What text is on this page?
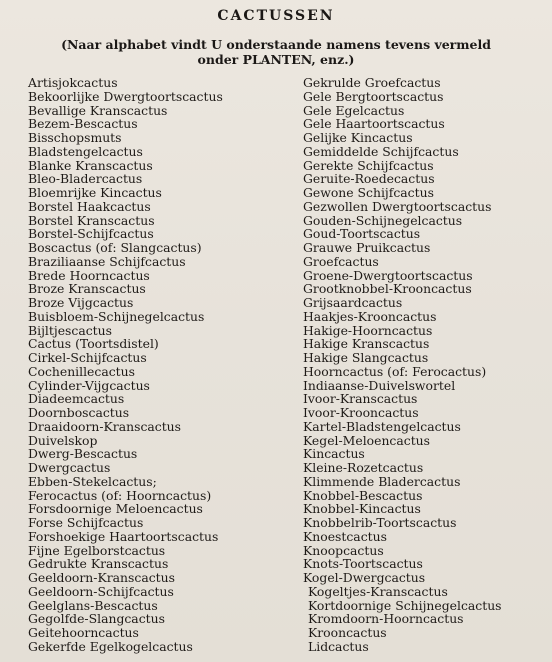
CACTUSSEN
(Naar alphabet vindt U onderstaande namens tevens vermeld
onder PLANTEN, enz.)
Artisjokcactus
Bekoorlijke Dwergtoortscactus
Bevallige Kranscactus
Bezem-Bescactus
Bisschopsmuts
Bladstengelcactus
Blanke Kranscactus
Bleo-Bladercactus
Bloemrijke Kincactus
Borstel Haakcactus
Borstel Kranscactus
Borstel-Schijfcactus
Boscactus (of: Slangcactus)
Braziliaanse Schijfcactus
Brede Hoorncactus
Broze Kranscactus
Broze Vijgcactus
Buisbloem-Schijnegelcactus
Bijltjescactus
Cactus (Toortsdistel)
Cirkel-Schijfcactus
Cochenillecactus
Cylinder-Vijgcactus
Diadeemcactus
Doornboscactus
Draaidoorn-Kranscactus
Duivelskop
Dwerg-Bescactus
Dwergcactus
Ebben-Stekelcactus;
Ferocactus (of: Hoorncactus)
Forsdoornige Meloencactus
Forse Schijfcactus
Forshoekige Haartoortscactus
Fijne Egelborstcactus
Gedrukte Kranscactus
Geeldoorn-Kranscactus
Geeldoorn-Schijfcactus
Geelglans-Bescactus
Gegolfde-Slangcactus
Geitehoorncactus
Gekerfde Egelkogelcactus
Gekrulde Groefcactus
Gele Bergtoortscactus
Gele Egelcactus
Gele Haartoortscactus
Gelijke Kincactus
Gemiddelde Schijfcactus
Gerekte Schijfcactus
Geruite-Roedecactus
Gewone Schijfcactus
Gezwollen Dwergtoortscactus
Gouden-Schijnegelcactus
Goud-Toortscactus
Grauwe Pruikcactus
Groefcactus
Groene-Dwergtoortscactus
Grootknobbel-Krooncactus
Grijsaardcactus
Haakjes-Krooncactus
Hakige-Hoorncactus
Hakige Kranscactus
Hakige Slangcactus
Hoorncactus (of: Ferocactus)
Indiaanse-Duivelswortel
Ivoor-Kranscactus
Ivoor-Krooncactus
Kartel-Bladstengelcactus
Kegel-Meloencactus
Kincactus
Kleine-Rozetcactus
Klimmende Bladercactus
Knobbel-Bescactus
Knobbel-Kincactus
Knobbelrib-Toortscactus
Knoestcactus
Knoopcactus
Knots-Toortscactus
Kogel-Dwergcactus
Kogeltjes-Kranscactus
Kortdoornige Schijnegelcactus
Kromdoorn-Hoorncactus
Krooncactus
Lidcactus
